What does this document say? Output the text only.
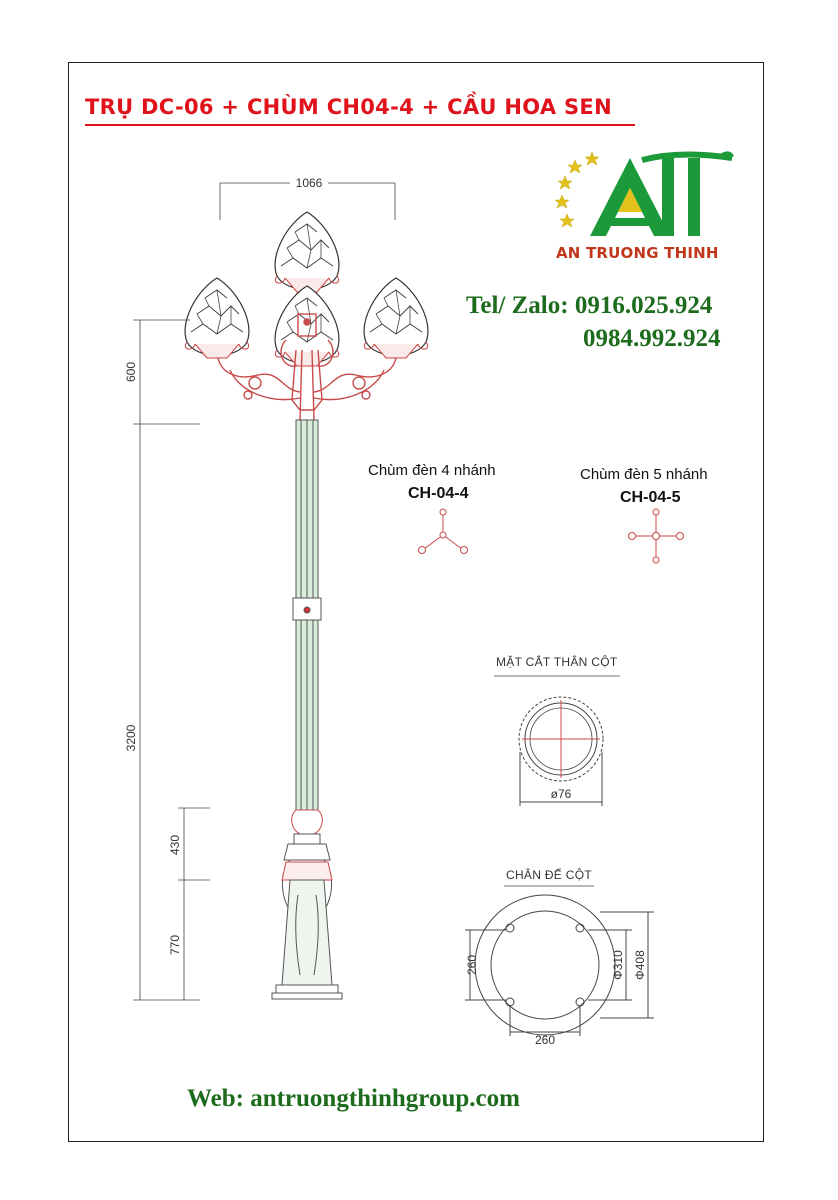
TRỤ DC-06 + CHÙM CH04-4 + CẦU HOA SEN
AN TRUONG THINH
Tel/ Zalo: 0916.025.924
0984.992.924
1066
600
3200
430
770
ø76
260
260
Φ310 Φ408
Chùm đèn 4 nhánh
CH-04-4
Chùm đèn 5 nhánh
CH-04-5
MẶT CẮT THÂN CỘT
CHÂN ĐẾ CỘT
Web: antruongthinhgroup.com
